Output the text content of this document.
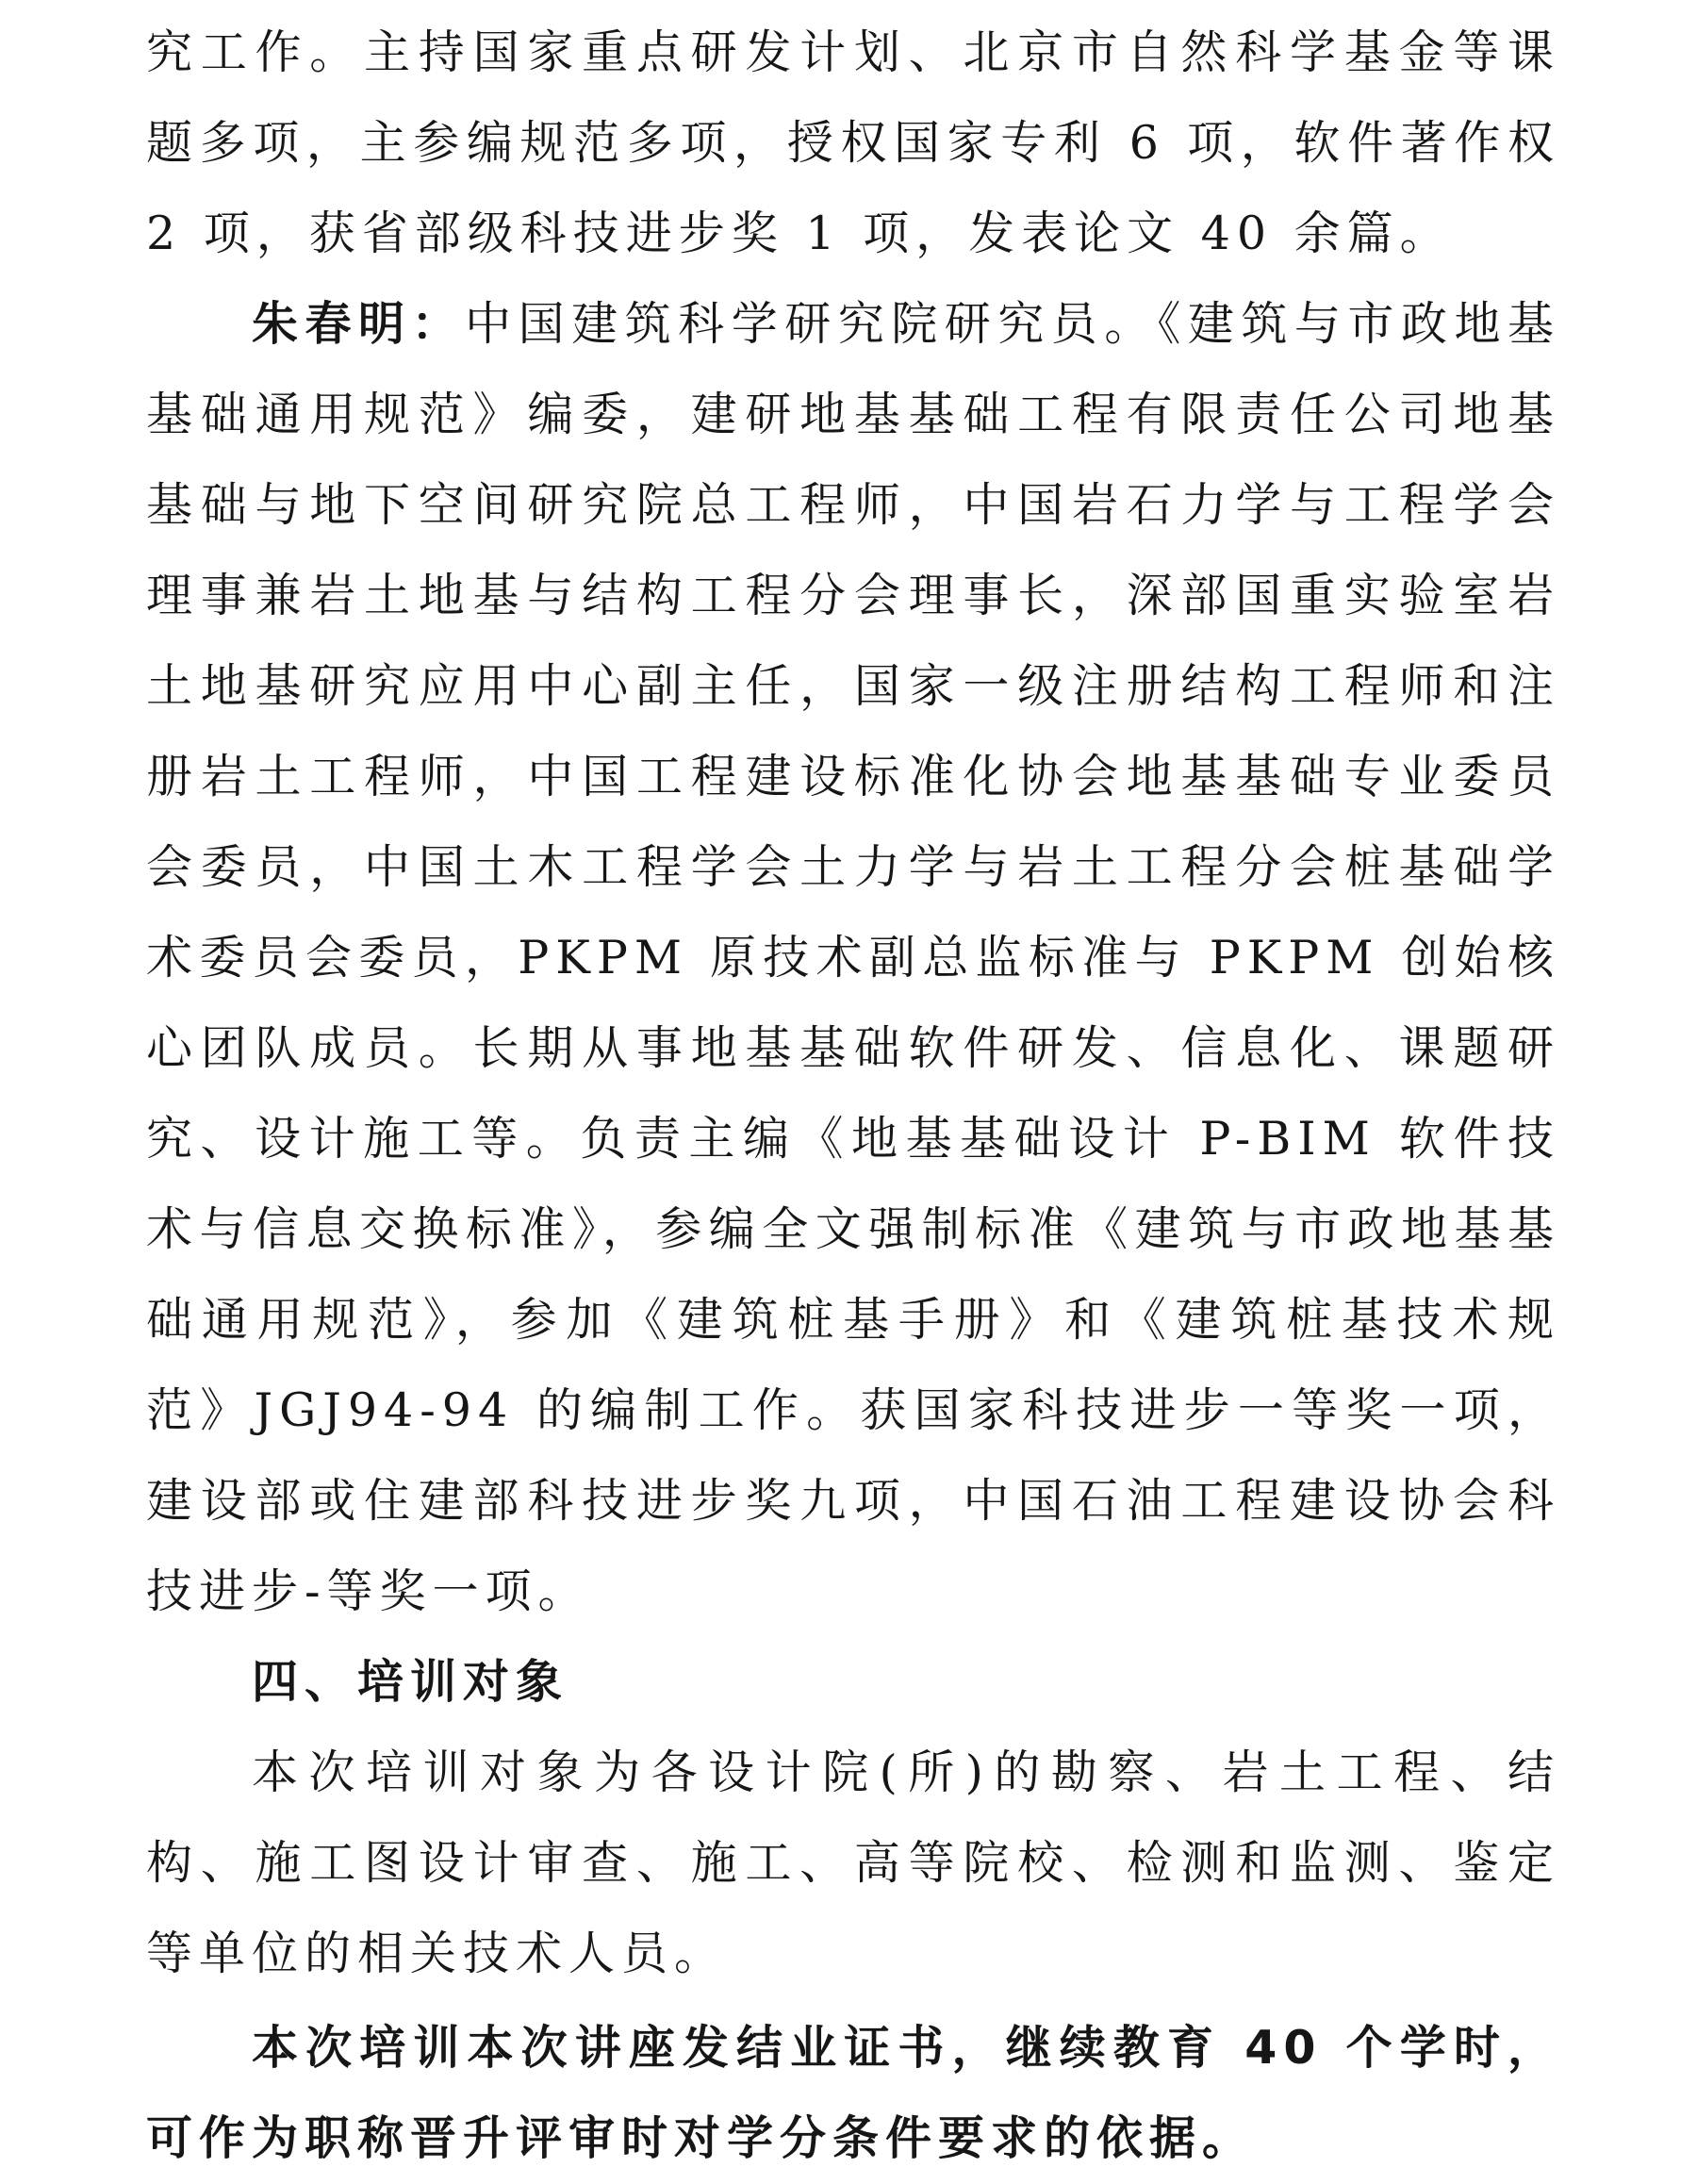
究工作。主持国家重点研发计划、北京市自然科学基金等课题多项，主参编规范多项，授权国家专利 6 项，软件著作权 2 项，获省部级科技进步奖 1 项，发表论文 40 余篇。

朱春明：中国建筑科学研究院研究员。《建筑与市政地基基础通用规范》编委，建研地基基础工程有限责任公司地基基础与地下空间研究院总工程师，中国岩石力学与工程学会理事兼岩土地基与结构工程分会理事长，深部国重实验室岩土地基研究应用中心副主任，国家一级注册结构工程师和注册岩土工程师，中国工程建设标准化协会地基基础专业委员会委员，中国土木工程学会土力学与岩土工程分会桩基础学术委员会委员，PKPM 原技术副总监标准与 PKPM 创始核心团队成员。长期从事地基基础软件研发、信息化、课题研究、设计施工等。负责主编《地基基础设计 P-BIM 软件技术与信息交换标准》，参编全文强制标准《建筑与市政地基基础通用规范》，参加《建筑桩基手册》和《建筑桩基技术规范》JGJ94-94 的编制工作。获国家科技进步一等奖一项，建设部或住建部科技进步奖九项，中国石油工程建设协会科技进步-等奖一项。

四、培训对象

本次培训对象为各设计院(所)的勘察、岩土工程、结构、施工图设计审查、施工、高等院校、检测和监测、鉴定等单位的相关技术人员。

本次培训本次讲座发结业证书，继续教育 40 个学时，可作为职称晋升评审时对学分条件要求的依据。
